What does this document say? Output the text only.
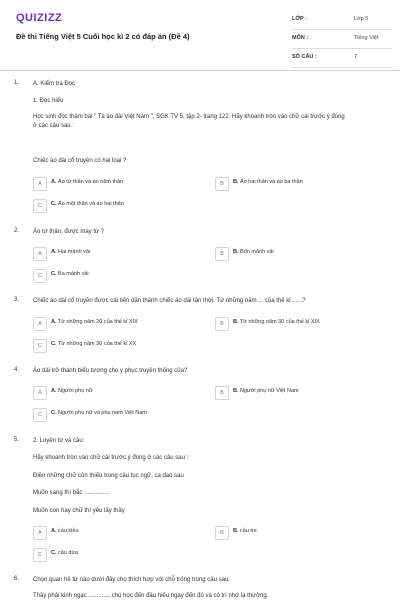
QUIZIZZ
Đề thi Tiếng Việt 5 Cuối học kì 2 có đáp án (Đề 4)
LỚP :	Lớp 5
MÔN :	Tiếng Việt
SỐ CÂU :	7
1. A. Kiểm tra Đọc
1. Đọc hiểu
Học sinh đọc thầm bài " Tà áo dài Việt Nam ", SGK TV 5, tập 2- trang 122. Hãy khoanh tròn vào chữ cái trước ý đúng
ở các câu sau :
Chiếc áo dài cổ truyền có hai loại ?
A	A. Áo tứ thân và áo năm thân	B	B. Áo hai thân và áo ba thân
C	C. Áo một thân và áo hai thân
2. Áo tứ thân, được may từ ?
A	A. Hai mảnh vải	B	B. Bốn mảnh vải
C	C. Ba mảnh vải
3. Chiếc áo dài cổ truyền được cải tiến dần thành chiếc áo dài tân thời. Từ những năm ... của thế kỉ ......?
A	A. Từ những năm 20 của thế kỉ XIX	B	B. Từ những năm 30 của thế kỉ XIX
C	C. Từ những năm 30 của thế kỉ XX
4. Áo dài trở thành biểu tượng cho y phục truyền thống của?
A	A. Người phụ nữ	B	B. Người phụ nữ Việt Nam
C	C. Người phụ nữ và phụ nam Việt Nam
5. 2. Luyện từ và câu:
Hãy khoanh tròn vào chữ cái trước ý đúng ở các câu sau :
Điền những chữ còn thiếu trong câu tục ngữ, ca dao sau
Muốn sang thì bắc ...............
Muốn con hay chữ thì yêu lấy thầy
A	A. cầu kiều	B	B. cầu tre
C	C. cầu dừa
6. Chọn quan hệ từ nào dưới đây cho thích hợp với chỗ trống trong câu sau:
Thầy phải kinh ngạc ............. chú học đến đâu hiểu ngay đến đó và có trí nhớ lạ thường.
